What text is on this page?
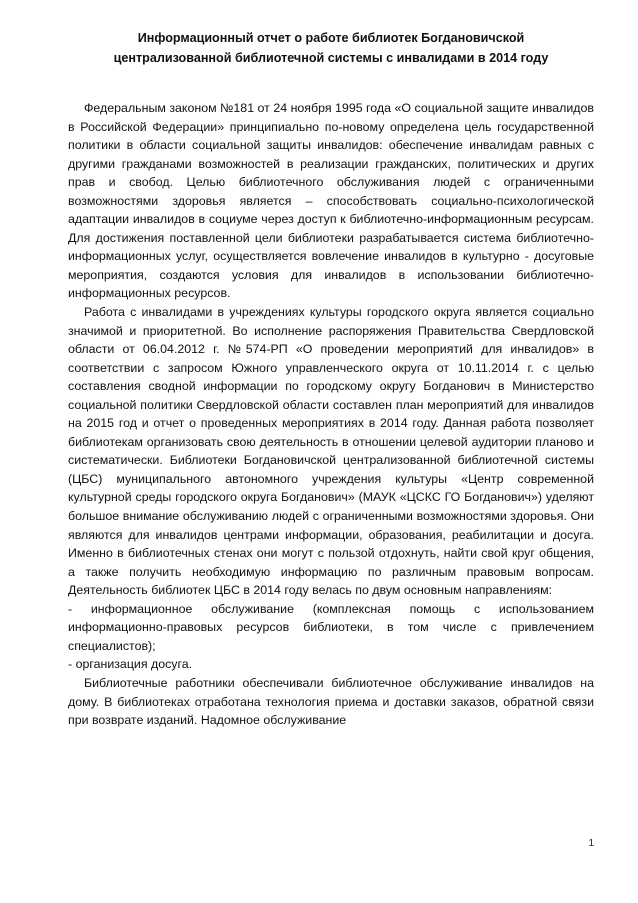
Информационный отчет о работе библиотек Богдановичской
централизованной библиотечной системы с инвалидами в 2014 году

Федеральным законом №181 от 24 ноября 1995 года «О социальной защите инвалидов в Российской Федерации» принципиально по-новому определена цель государственной политики в области социальной защиты инвалидов: обеспечение инвалидам равных с другими гражданами возможностей в реализации гражданских, политических и других прав и свобод. Целью библиотечного обслуживания людей с ограниченными возможностями здоровья является – способствовать социально-психологической адаптации инвалидов в социуме через доступ к библиотечно-информационным ресурсам. Для достижения поставленной цели библиотеки разрабатывается система библиотечно-информационных услуг, осуществляется вовлечение инвалидов в культурно - досуговые мероприятия, создаются условия для инвалидов в использовании библиотечно-информационных ресурсов.

Работа с инвалидами в учреждениях культуры городского округа является социально значимой и приоритетной. Во исполнение распоряжения Правительства Свердловской области от 06.04.2012 г. №574-РП «О проведении мероприятий для инвалидов» в соответствии с запросом Южного управленческого округа от 10.11.2014 г. с целью составления сводной информации по городскому округу Богданович в Министерство социальной политики Свердловской области составлен план мероприятий для инвалидов на 2015 год и отчет о проведенных мероприятиях в 2014 году. Данная работа позволяет библиотекам организовать свою деятельность в отношении целевой аудитории планово и систематически. Библиотеки Богдановичской централизованной библиотечной системы (ЦБС) муниципального автономного учреждения культуры «Центр современной культурной среды городского округа Богданович» (МАУК «ЦСКС ГО Богданович») уделяют большое внимание обслуживанию людей с ограниченными возможностями здоровья. Они являются для инвалидов центрами информации, образования, реабилитации и досуга. Именно в библиотечных стенах они могут с пользой отдохнуть, найти свой круг общения, а также получить необходимую информацию по различным правовым вопросам. Деятельность библиотек ЦБС в 2014 году велась по двум основным направлениям:

- информационное обслуживание (комплексная помощь с использованием информационно-правовых ресурсов библиотеки, в том числе с привлечением специалистов);

- организация досуга.

Библиотечные работники обеспечивали библиотечное обслуживание инвалидов на дому. В библиотеках отработана технология приема и доставки заказов, обратной связи при возврате изданий. Надомное обслуживание

1
